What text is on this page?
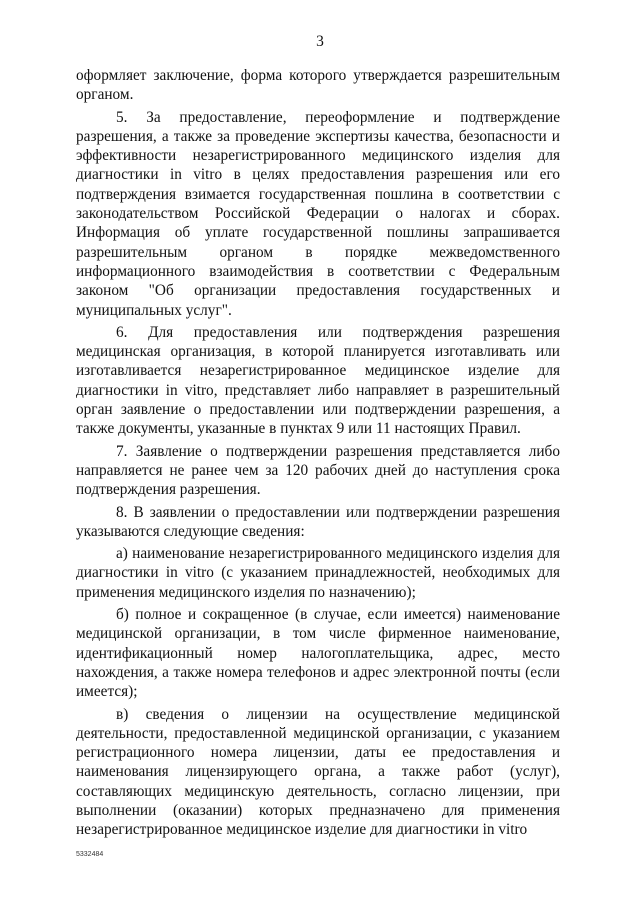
3

оформляет заключение, форма которого утверждается разрешительным органом.

5. За предоставление, переоформление и подтверждение разрешения, а также за проведение экспертизы качества, безопасности и эффективности незарегистрированного медицинского изделия для диагностики in vitro в целях предоставления разрешения или его подтверждения взимается государственная пошлина в соответствии с законодательством Российской Федерации о налогах и сборах. Информация об уплате государственной пошлины запрашивается разрешительным органом в порядке межведомственного информационного взаимодействия в соответствии с Федеральным законом "Об организации предоставления государственных и муниципальных услуг".

6. Для предоставления или подтверждения разрешения медицинская организация, в которой планируется изготавливать или изготавливается незарегистрированное медицинское изделие для диагностики in vitro, представляет либо направляет в разрешительный орган заявление о предоставлении или подтверждении разрешения, а также документы, указанные в пунктах 9 или 11 настоящих Правил.

7. Заявление о подтверждении разрешения представляется либо направляется не ранее чем за 120 рабочих дней до наступления срока подтверждения разрешения.

8. В заявлении о предоставлении или подтверждении разрешения указываются следующие сведения:

а) наименование незарегистрированного медицинского изделия для диагностики in vitro (с указанием принадлежностей, необходимых для применения медицинского изделия по назначению);

б) полное и сокращенное (в случае, если имеется) наименование медицинской организации, в том числе фирменное наименование, идентификационный номер налогоплательщика, адрес, место нахождения, а также номера телефонов и адрес электронной почты (если имеется);

в) сведения о лицензии на осуществление медицинской деятельности, предоставленной медицинской организации, с указанием регистрационного номера лицензии, даты ее предоставления и наименования лицензирующего органа, а также работ (услуг), составляющих медицинскую деятельность, согласно лицензии, при выполнении (оказании) которых предназначено для применения незарегистрированное медицинское изделие для диагностики in vitro

5332484
